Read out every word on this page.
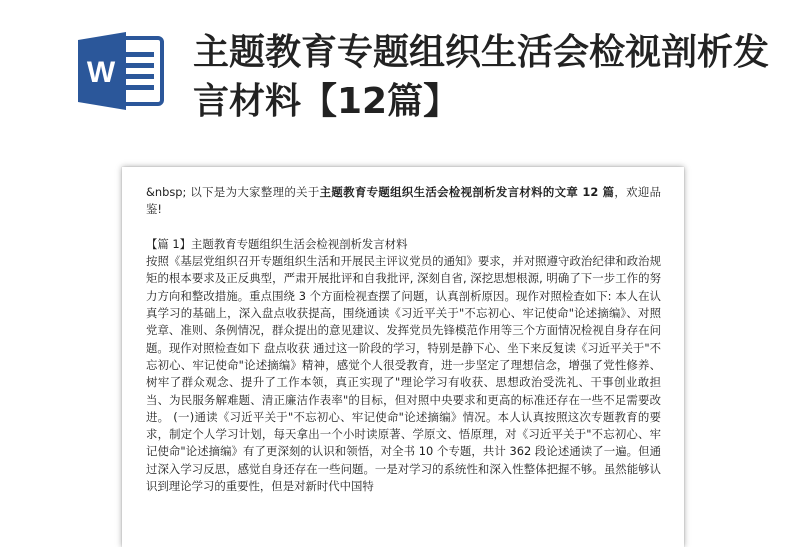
W 主题教育专题组织生活会检视剖析发言材料【12篇】

&nbsp; 以下是为大家整理的关于主题教育专题组织生活会检视剖析发言材料的文章 12 篇，欢迎品鉴!

【篇 1】主题教育专题组织生活会检视剖析发言材料

按照《基层党组织召开专题组织生活和开展民主评议党员的通知》要求，并对照遵守政治纪律和政治规矩的根本要求及正反典型，严肃开展批评和自我批评, 深刻自省, 深挖思想根源, 明确了下一步工作的努力方向和整改措施。重点围绕 3 个方面检视查摆了问题，认真剖析原因。现作对照检查如下: 本人在认真学习的基础上，深入盘点收获提高，围绕通读《习近平关于"不忘初心、牢记使命"论述摘编》、对照党章、准则、条例情况，群众提出的意见建议、发挥党员先锋模范作用等三个方面情况检视自身存在问题。现作对照检查如下 盘点收获 通过这一阶段的学习，特别是静下心、坐下来反复读《习近平关于"不忘初心、牢记使命"论述摘编》精神，感觉个人很受教育，进一步坚定了理想信念，增强了党性修养、树牢了群众观念、提升了工作本领，真正实现了"理论学习有收获、思想政治受洗礼、干事创业敢担当、为民服务解难题、清正廉洁作表率"的目标，但对照中央要求和更高的标准还存在一些不足需要改进。 (一)通读《习近平关于"不忘初心、牢记使命"论述摘编》情况。本人认真按照这次专题教育的要求，制定个人学习计划，每天拿出一个小时读原著、学原文、悟原理，对《习近平关于"不忘初心、牢记使命"论述摘编》有了更深刻的认识和领悟，对全书 10 个专题，共计 362 段论述通读了一遍。但通过深入学习反思，感觉自身还存在一些问题。一是对学习的系统性和深入性整体把握不够。虽然能够认识到理论学习的重要性，但是对新时代中国特
